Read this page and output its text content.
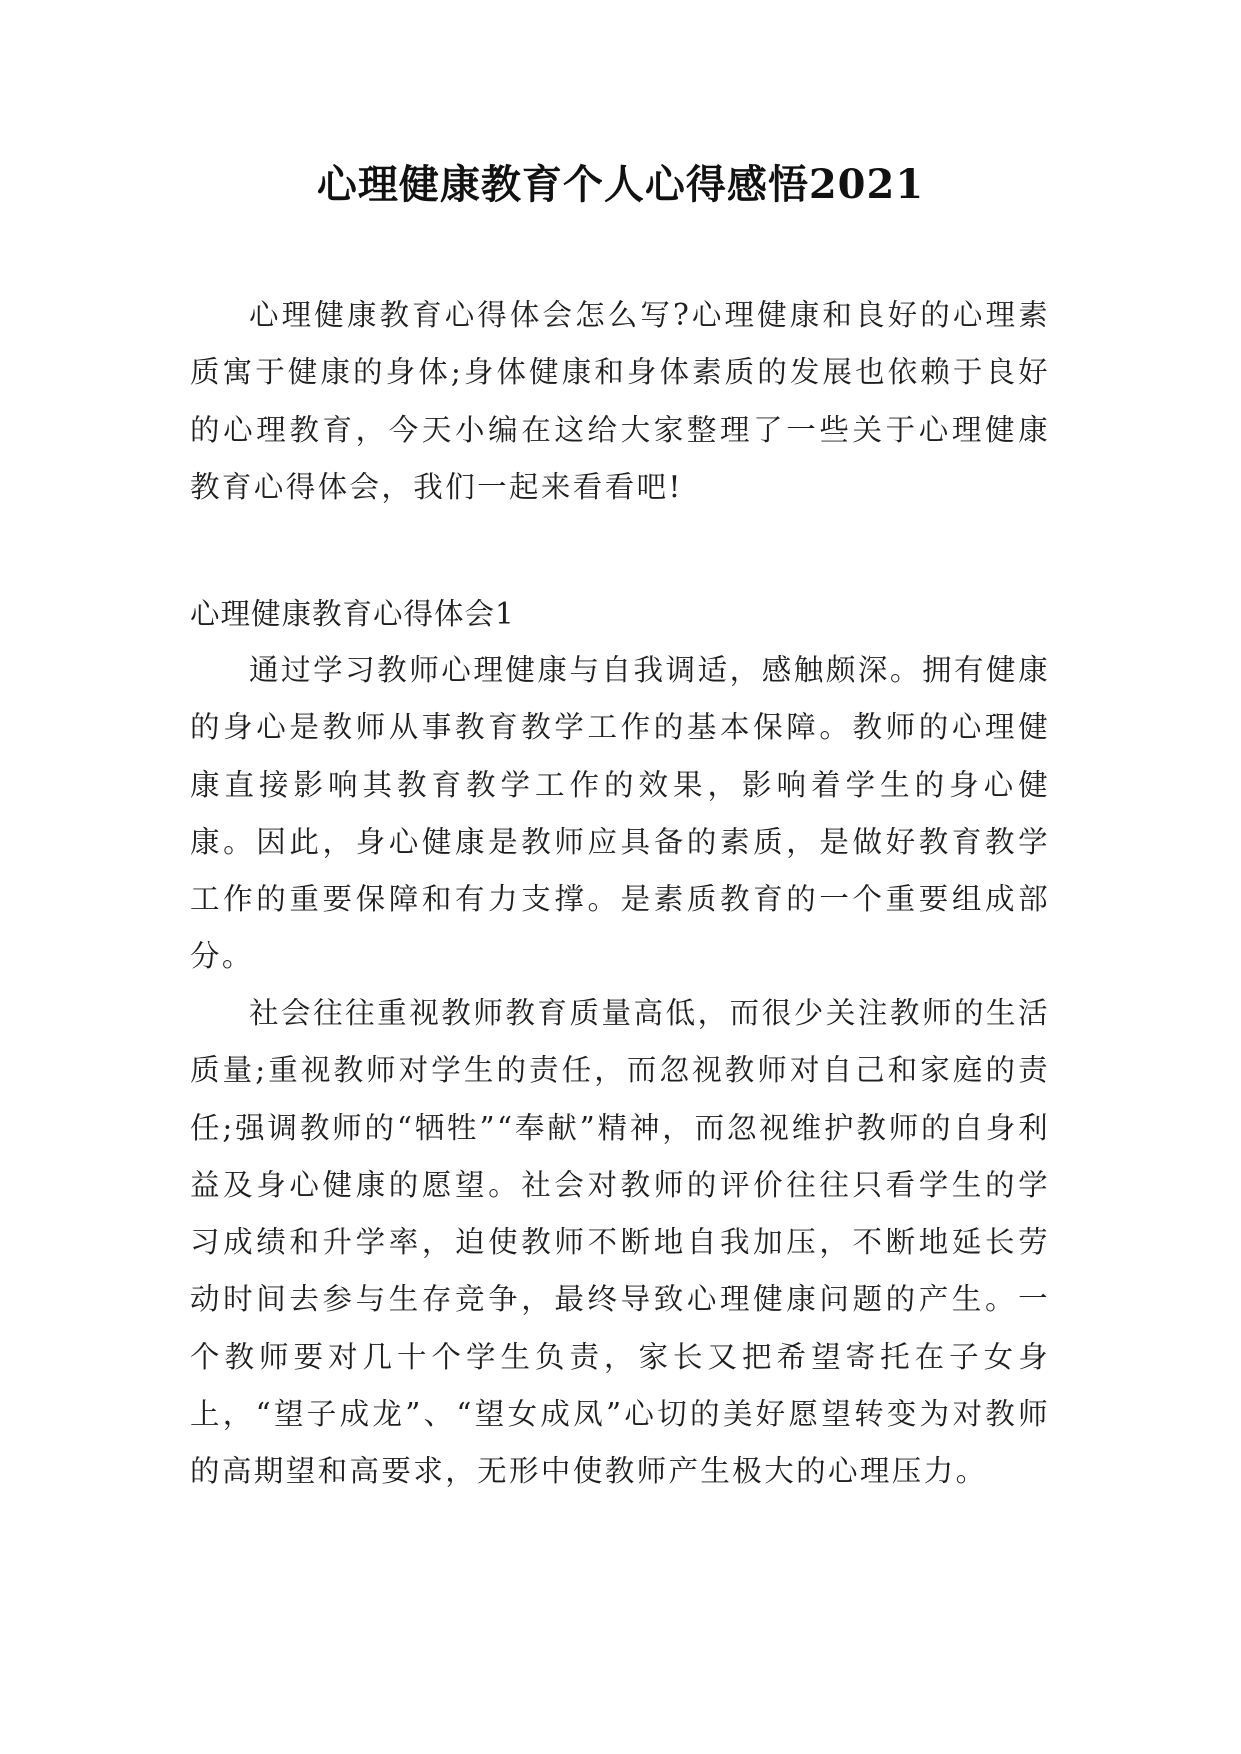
心理健康教育个人心得感悟2021

心理健康教育心得体会怎么写?心理健康和良好的心理素质寓于健康的身体;身体健康和身体素质的发展也依赖于良好的心理教育，今天小编在这给大家整理了一些关于心理健康教育心得体会，我们一起来看看吧!

心理健康教育心得体会1

通过学习教师心理健康与自我调适，感触颇深。拥有健康的身心是教师从事教育教学工作的基本保障。教师的心理健康直接影响其教育教学工作的效果，影响着学生的身心健康。因此，身心健康是教师应具备的素质，是做好教育教学工作的重要保障和有力支撑。是素质教育的一个重要组成部分。

社会往往重视教师教育质量高低，而很少关注教师的生活质量;重视教师对学生的责任，而忽视教师对自己和家庭的责任;强调教师的“牺牲”“奉献”精神，而忽视维护教师的自身利益及身心健康的愿望。社会对教师的评价往往只看学生的学习成绩和升学率，迫使教师不断地自我加压，不断地延长劳动时间去参与生存竞争，最终导致心理健康问题的产生。一个教师要对几十个学生负责，家长又把希望寄托在子女身上，“望子成龙”、“望女成凤”心切的美好愿望转变为对教师的高期望和高要求，无形中使教师产生极大的心理压力。
